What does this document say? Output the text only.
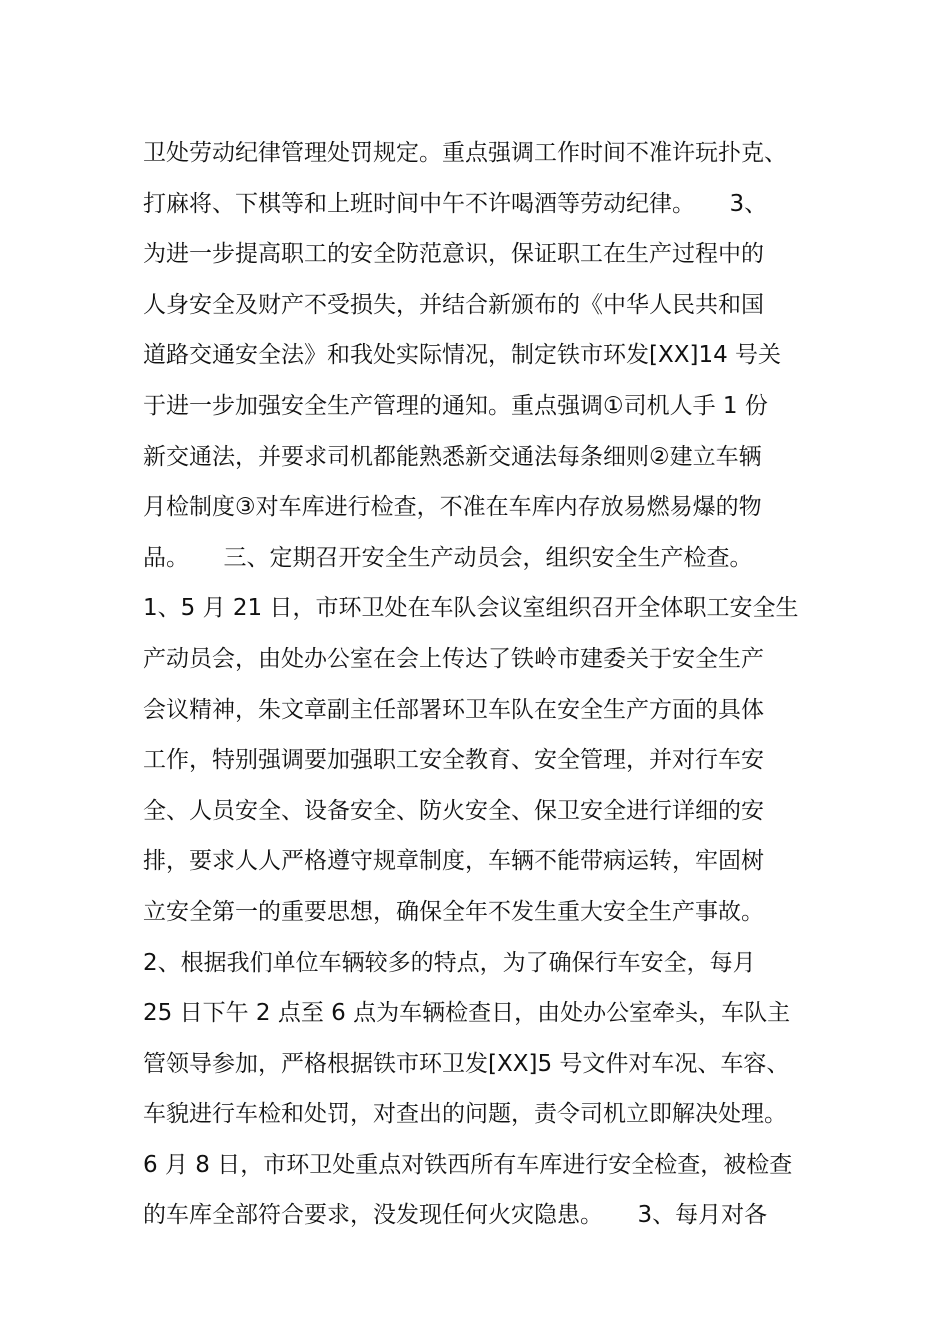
卫处劳动纪律管理处罚规定。重点强调工作时间不准许玩扑克、
打麻将、下棋等和上班时间中午不许喝酒等劳动纪律。　　3、
为进一步提高职工的安全防范意识，保证职工在生产过程中的
人身安全及财产不受损失，并结合新颁布的《中华人民共和国
道路交通安全法》和我处实际情况，制定铁市环发[XX]14 号关
于进一步加强安全生产管理的通知。重点强调①司机人手 1 份
新交通法，并要求司机都能熟悉新交通法每条细则②建立车辆
月检制度③对车库进行检查，不准在车库内存放易燃易爆的物
品。　　三、定期召开安全生产动员会，组织安全生产检查。
1、5 月 21 日，市环卫处在车队会议室组织召开全体职工安全生
产动员会，由处办公室在会上传达了铁岭市建委关于安全生产
会议精神，朱文章副主任部署环卫车队在安全生产方面的具体
工作，特别强调要加强职工安全教育、安全管理，并对行车安
全、人员安全、设备安全、防火安全、保卫安全进行详细的安
排，要求人人严格遵守规章制度，车辆不能带病运转，牢固树
立安全第一的重要思想，确保全年不发生重大安全生产事故。
2、根据我们单位车辆较多的特点，为了确保行车安全，每月
25 日下午 2 点至 6 点为车辆检查日，由处办公室牵头，车队主
管领导参加，严格根据铁市环卫发[XX]5 号文件对车况、车容、
车貌进行车检和处罚，对查出的问题，责令司机立即解决处理。
6 月 8 日，市环卫处重点对铁西所有车库进行安全检查，被检查
的车库全部符合要求，没发现任何火灾隐患。　　3、每月对各
